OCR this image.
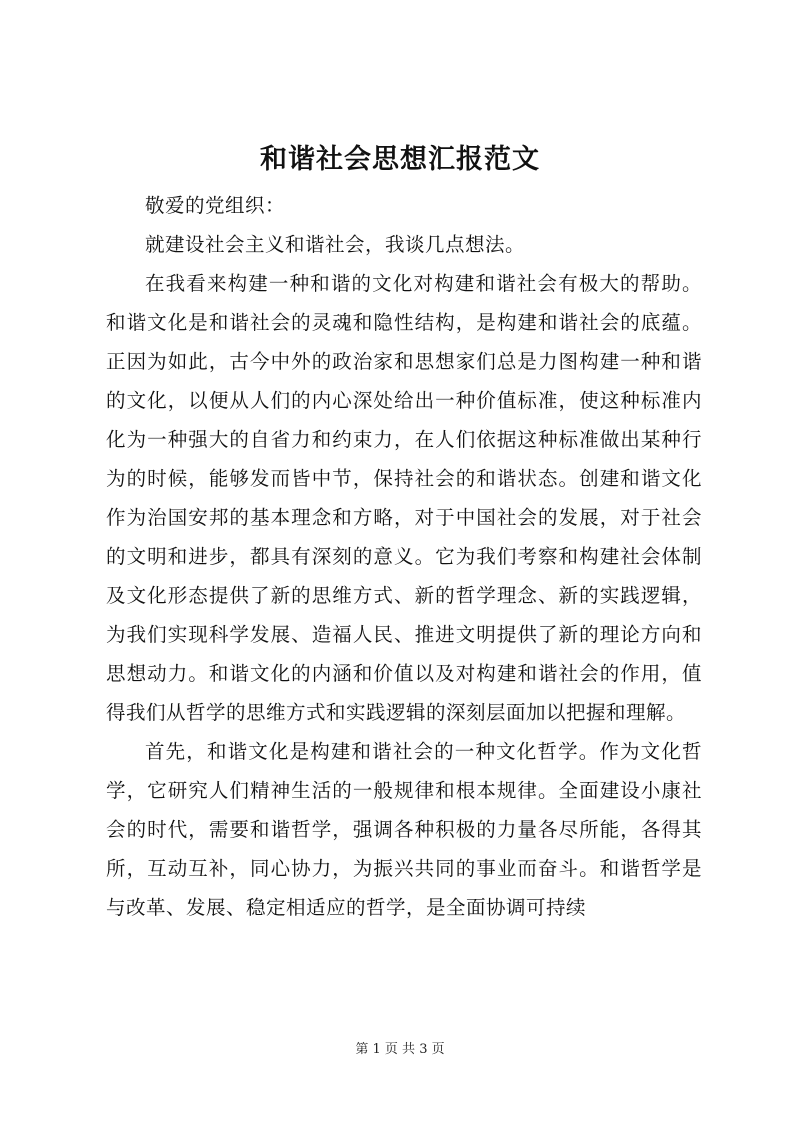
和谐社会思想汇报范文

敬爱的党组织：

就建设社会主义和谐社会，我谈几点想法。

在我看来构建一种和谐的文化对构建和谐社会有极大的帮助。和谐文化是和谐社会的灵魂和隐性结构，是构建和谐社会的底蕴。正因为如此，古今中外的政治家和思想家们总是力图构建一种和谐的文化，以便从人们的内心深处给出一种价值标准，使这种标准内化为一种强大的自省力和约束力，在人们依据这种标准做出某种行为的时候，能够发而皆中节，保持社会的和谐状态。创建和谐文化作为治国安邦的基本理念和方略，对于中国社会的发展，对于社会的文明和进步，都具有深刻的意义。它为我们考察和构建社会体制及文化形态提供了新的思维方式、新的哲学理念、新的实践逻辑，为我们实现科学发展、造福人民、推进文明提供了新的理论方向和思想动力。和谐文化的内涵和价值以及对构建和谐社会的作用，值得我们从哲学的思维方式和实践逻辑的深刻层面加以把握和理解。

首先，和谐文化是构建和谐社会的一种文化哲学。作为文化哲学，它研究人们精神生活的一般规律和根本规律。全面建设小康社会的时代，需要和谐哲学，强调各种积极的力量各尽所能，各得其所，互动互补，同心协力，为振兴共同的事业而奋斗。和谐哲学是与改革、发展、稳定相适应的哲学，是全面协调可持续

第 1 页 共 3 页
